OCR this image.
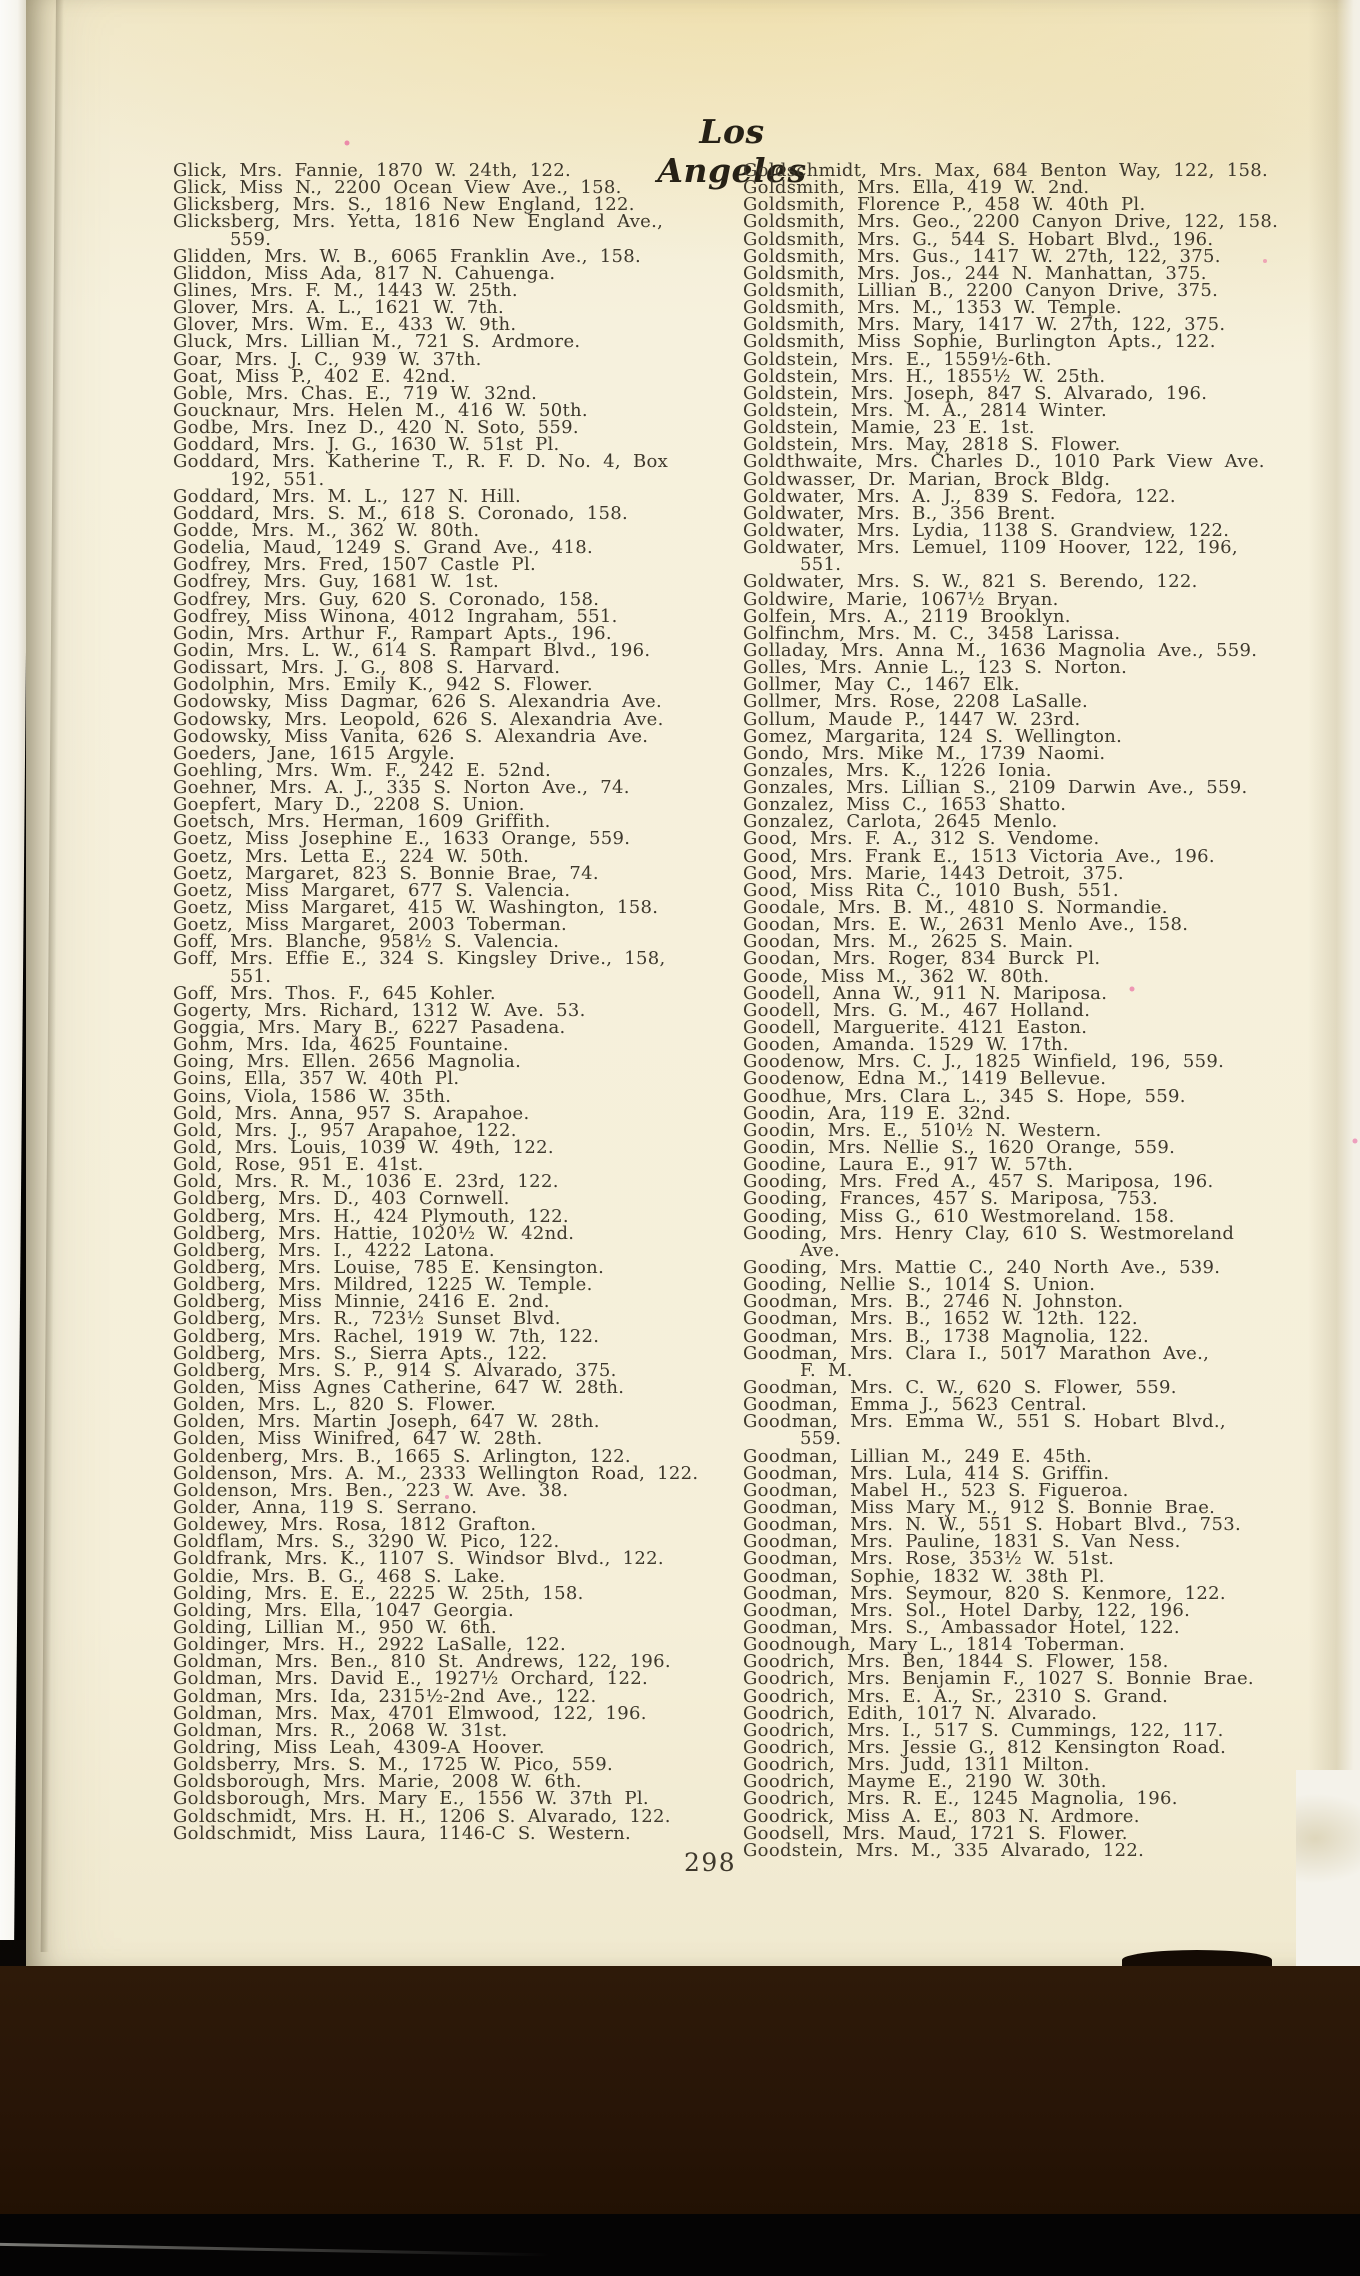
Los Angeles
Glick, Mrs. Fannie, 1870 W. 24th, 122.
Glick, Miss N., 2200 Ocean View Ave., 158.
Glicksberg, Mrs. S., 1816 New England, 122.
Glicksberg, Mrs. Yetta, 1816 New England Ave.,
559.
Glidden, Mrs. W. B., 6065 Franklin Ave., 158.
Gliddon, Miss Ada, 817 N. Cahuenga.
Glines, Mrs. F. M., 1443 W. 25th.
Glover, Mrs. A. L., 1621 W. 7th.
Glover, Mrs. Wm. E., 433 W. 9th.
Gluck, Mrs. Lillian M., 721 S. Ardmore.
Goar, Mrs. J. C., 939 W. 37th.
Goat, Miss P., 402 E. 42nd.
Goble, Mrs. Chas. E., 719 W. 32nd.
Goucknaur, Mrs. Helen M., 416 W. 50th.
Godbe, Mrs. Inez D., 420 N. Soto, 559.
Goddard, Mrs. J. G., 1630 W. 51st Pl.
Goddard, Mrs. Katherine T., R. F. D. No. 4, Box
192, 551.
Goddard, Mrs. M. L., 127 N. Hill.
Goddard, Mrs. S. M., 618 S. Coronado, 158.
Godde, Mrs. M., 362 W. 80th.
Godelia, Maud, 1249 S. Grand Ave., 418.
Godfrey, Mrs. Fred, 1507 Castle Pl.
Godfrey, Mrs. Guy, 1681 W. 1st.
Godfrey, Mrs. Guy, 620 S. Coronado, 158.
Godfrey, Miss Winona, 4012 Ingraham, 551.
Godin, Mrs. Arthur F., Rampart Apts., 196.
Godin, Mrs. L. W., 614 S. Rampart Blvd., 196.
Godissart, Mrs. J. G., 808 S. Harvard.
Godolphin, Mrs. Emily K., 942 S. Flower.
Godowsky, Miss Dagmar, 626 S. Alexandria Ave.
Godowsky, Mrs. Leopold, 626 S. Alexandria Ave.
Godowsky, Miss Vanita, 626 S. Alexandria Ave.
Goeders, Jane, 1615 Argyle.
Goehling, Mrs. Wm. F., 242 E. 52nd.
Goehner, Mrs. A. J., 335 S. Norton Ave., 74.
Goepfert, Mary D., 2208 S. Union.
Goetsch, Mrs. Herman, 1609 Griffith.
Goetz, Miss Josephine E., 1633 Orange, 559.
Goetz, Mrs. Letta E., 224 W. 50th.
Goetz, Margaret, 823 S. Bonnie Brae, 74.
Goetz, Miss Margaret, 677 S. Valencia.
Goetz, Miss Margaret, 415 W. Washington, 158.
Goetz, Miss Margaret, 2003 Toberman.
Goff, Mrs. Blanche, 958½ S. Valencia.
Goff, Mrs. Effie E., 324 S. Kingsley Drive., 158,
551.
Goff, Mrs. Thos. F., 645 Kohler.
Gogerty, Mrs. Richard, 1312 W. Ave. 53.
Goggia, Mrs. Mary B., 6227 Pasadena.
Gohm, Mrs. Ida, 4625 Fountaine.
Going, Mrs. Ellen. 2656 Magnolia.
Goins, Ella, 357 W. 40th Pl.
Goins, Viola, 1586 W. 35th.
Gold, Mrs. Anna, 957 S. Arapahoe.
Gold, Mrs. J., 957 Arapahoe, 122.
Gold, Mrs. Louis, 1039 W. 49th, 122.
Gold, Rose, 951 E. 41st.
Gold, Mrs. R. M., 1036 E. 23rd, 122.
Goldberg, Mrs. D., 403 Cornwell.
Goldberg, Mrs. H., 424 Plymouth, 122.
Goldberg, Mrs. Hattie, 1020½ W. 42nd.
Goldberg, Mrs. I., 4222 Latona.
Goldberg, Mrs. Louise, 785 E. Kensington.
Goldberg, Mrs. Mildred, 1225 W. Temple.
Goldberg, Miss Minnie, 2416 E. 2nd.
Goldberg, Mrs. R., 723½ Sunset Blvd.
Goldberg, Mrs. Rachel, 1919 W. 7th, 122.
Goldberg, Mrs. S., Sierra Apts., 122.
Goldberg, Mrs. S. P., 914 S. Alvarado, 375.
Golden, Miss Agnes Catherine, 647 W. 28th.
Golden, Mrs. L., 820 S. Flower.
Golden, Mrs. Martin Joseph, 647 W. 28th.
Golden, Miss Winifred, 647 W. 28th.
Goldenberg, Mrs. B., 1665 S. Arlington, 122.
Goldenson, Mrs. A. M., 2333 Wellington Road, 122.
Goldenson, Mrs. Ben., 223 W. Ave. 38.
Golder, Anna, 119 S. Serrano.
Goldewey, Mrs. Rosa, 1812 Grafton.
Goldflam, Mrs. S., 3290 W. Pico, 122.
Goldfrank, Mrs. K., 1107 S. Windsor Blvd., 122.
Goldie, Mrs. B. G., 468 S. Lake.
Golding, Mrs. E. E., 2225 W. 25th, 158.
Golding, Mrs. Ella, 1047 Georgia.
Golding, Lillian M., 950 W. 6th.
Goldinger, Mrs. H., 2922 LaSalle, 122.
Goldman, Mrs. Ben., 810 St. Andrews, 122, 196.
Goldman, Mrs. David E., 1927½ Orchard, 122.
Goldman, Mrs. Ida, 2315½-2nd Ave., 122.
Goldman, Mrs. Max, 4701 Elmwood, 122, 196.
Goldman, Mrs. R., 2068 W. 31st.
Goldring, Miss Leah, 4309-A Hoover.
Goldsberry, Mrs. S. M., 1725 W. Pico, 559.
Goldsborough, Mrs. Marie, 2008 W. 6th.
Goldsborough, Mrs. Mary E., 1556 W. 37th Pl.
Goldschmidt, Mrs. H. H., 1206 S. Alvarado, 122.
Goldschmidt, Miss Laura, 1146-C S. Western.
Goldschmidt, Mrs. Max, 684 Benton Way, 122, 158.
Goldsmith, Mrs. Ella, 419 W. 2nd.
Goldsmith, Florence P., 458 W. 40th Pl.
Goldsmith, Mrs. Geo., 2200 Canyon Drive, 122, 158.
Goldsmith, Mrs. G., 544 S. Hobart Blvd., 196.
Goldsmith, Mrs. Gus., 1417 W. 27th, 122, 375.
Goldsmith, Mrs. Jos., 244 N. Manhattan, 375.
Goldsmith, Lillian B., 2200 Canyon Drive, 375.
Goldsmith, Mrs. M., 1353 W. Temple.
Goldsmith, Mrs. Mary, 1417 W. 27th, 122, 375.
Goldsmith, Miss Sophie, Burlington Apts., 122.
Goldstein, Mrs. E., 1559½-6th.
Goldstein, Mrs. H., 1855½ W. 25th.
Goldstein, Mrs. Joseph, 847 S. Alvarado, 196.
Goldstein, Mrs. M. A., 2814 Winter.
Goldstein, Mamie, 23 E. 1st.
Goldstein, Mrs. May, 2818 S. Flower.
Goldthwaite, Mrs. Charles D., 1010 Park View Ave.
Goldwasser, Dr. Marian, Brock Bldg.
Goldwater, Mrs. A. J., 839 S. Fedora, 122.
Goldwater, Mrs. B., 356 Brent.
Goldwater, Mrs. Lydia, 1138 S. Grandview, 122.
Goldwater, Mrs. Lemuel, 1109 Hoover, 122, 196,
551.
Goldwater, Mrs. S. W., 821 S. Berendo, 122.
Goldwire, Marie, 1067½ Bryan.
Golfein, Mrs. A., 2119 Brooklyn.
Golfinchm, Mrs. M. C., 3458 Larissa.
Golladay, Mrs. Anna M., 1636 Magnolia Ave., 559.
Golles, Mrs. Annie L., 123 S. Norton.
Gollmer, May C., 1467 Elk.
Gollmer, Mrs. Rose, 2208 LaSalle.
Gollum, Maude P., 1447 W. 23rd.
Gomez, Margarita, 124 S. Wellington.
Gondo, Mrs. Mike M., 1739 Naomi.
Gonzales, Mrs. K., 1226 Ionia.
Gonzales, Mrs. Lillian S., 2109 Darwin Ave., 559.
Gonzalez, Miss C., 1653 Shatto.
Gonzalez, Carlota, 2645 Menlo.
Good, Mrs. F. A., 312 S. Vendome.
Good, Mrs. Frank E., 1513 Victoria Ave., 196.
Good, Mrs. Marie, 1443 Detroit, 375.
Good, Miss Rita C., 1010 Bush, 551.
Goodale, Mrs. B. M., 4810 S. Normandie.
Goodan, Mrs. E. W., 2631 Menlo Ave., 158.
Goodan, Mrs. M., 2625 S. Main.
Goodan, Mrs. Roger, 834 Burck Pl.
Goode, Miss M., 362 W. 80th.
Goodell, Anna W., 911 N. Mariposa.
Goodell, Mrs. G. M., 467 Holland.
Goodell, Marguerite. 4121 Easton.
Gooden, Amanda. 1529 W. 17th.
Goodenow, Mrs. C. J., 1825 Winfield, 196, 559.
Goodenow, Edna M., 1419 Bellevue.
Goodhue, Mrs. Clara L., 345 S. Hope, 559.
Goodin, Ara, 119 E. 32nd.
Goodin, Mrs. E., 510½ N. Western.
Goodin, Mrs. Nellie S., 1620 Orange, 559.
Goodine, Laura E., 917 W. 57th.
Gooding, Mrs. Fred A., 457 S. Mariposa, 196.
Gooding, Frances, 457 S. Mariposa, 753.
Gooding, Miss G., 610 Westmoreland. 158.
Gooding, Mrs. Henry Clay, 610 S. Westmoreland
Ave.
Gooding, Mrs. Mattie C., 240 North Ave., 539.
Gooding, Nellie S., 1014 S. Union.
Goodman, Mrs. B., 2746 N. Johnston.
Goodman, Mrs. B., 1652 W. 12th. 122.
Goodman, Mrs. B., 1738 Magnolia, 122.
Goodman, Mrs. Clara I., 5017 Marathon Ave.,
F. M.
Goodman, Mrs. C. W., 620 S. Flower, 559.
Goodman, Emma J., 5623 Central.
Goodman, Mrs. Emma W., 551 S. Hobart Blvd.,
559.
Goodman, Lillian M., 249 E. 45th.
Goodman, Mrs. Lula, 414 S. Griffin.
Goodman, Mabel H., 523 S. Figueroa.
Goodman, Miss Mary M., 912 S. Bonnie Brae.
Goodman, Mrs. N. W., 551 S. Hobart Blvd., 753.
Goodman, Mrs. Pauline, 1831 S. Van Ness.
Goodman, Mrs. Rose, 353½ W. 51st.
Goodman, Sophie, 1832 W. 38th Pl.
Goodman, Mrs. Seymour, 820 S. Kenmore, 122.
Goodman, Mrs. Sol., Hotel Darby, 122, 196.
Goodman, Mrs. S., Ambassador Hotel, 122.
Goodnough, Mary L., 1814 Toberman.
Goodrich, Mrs. Ben, 1844 S. Flower, 158.
Goodrich, Mrs. Benjamin F., 1027 S. Bonnie Brae.
Goodrich, Mrs. E. A., Sr., 2310 S. Grand.
Goodrich, Edith, 1017 N. Alvarado.
Goodrich, Mrs. I., 517 S. Cummings, 122, 117.
Goodrich, Mrs. Jessie G., 812 Kensington Road.
Goodrich, Mrs. Judd, 1311 Milton.
Goodrich, Mayme E., 2190 W. 30th.
Goodrich, Mrs. R. E., 1245 Magnolia, 196.
Goodrick, Miss A. E., 803 N. Ardmore.
Goodsell, Mrs. Maud, 1721 S. Flower.
Goodstein, Mrs. M., 335 Alvarado, 122.
298
